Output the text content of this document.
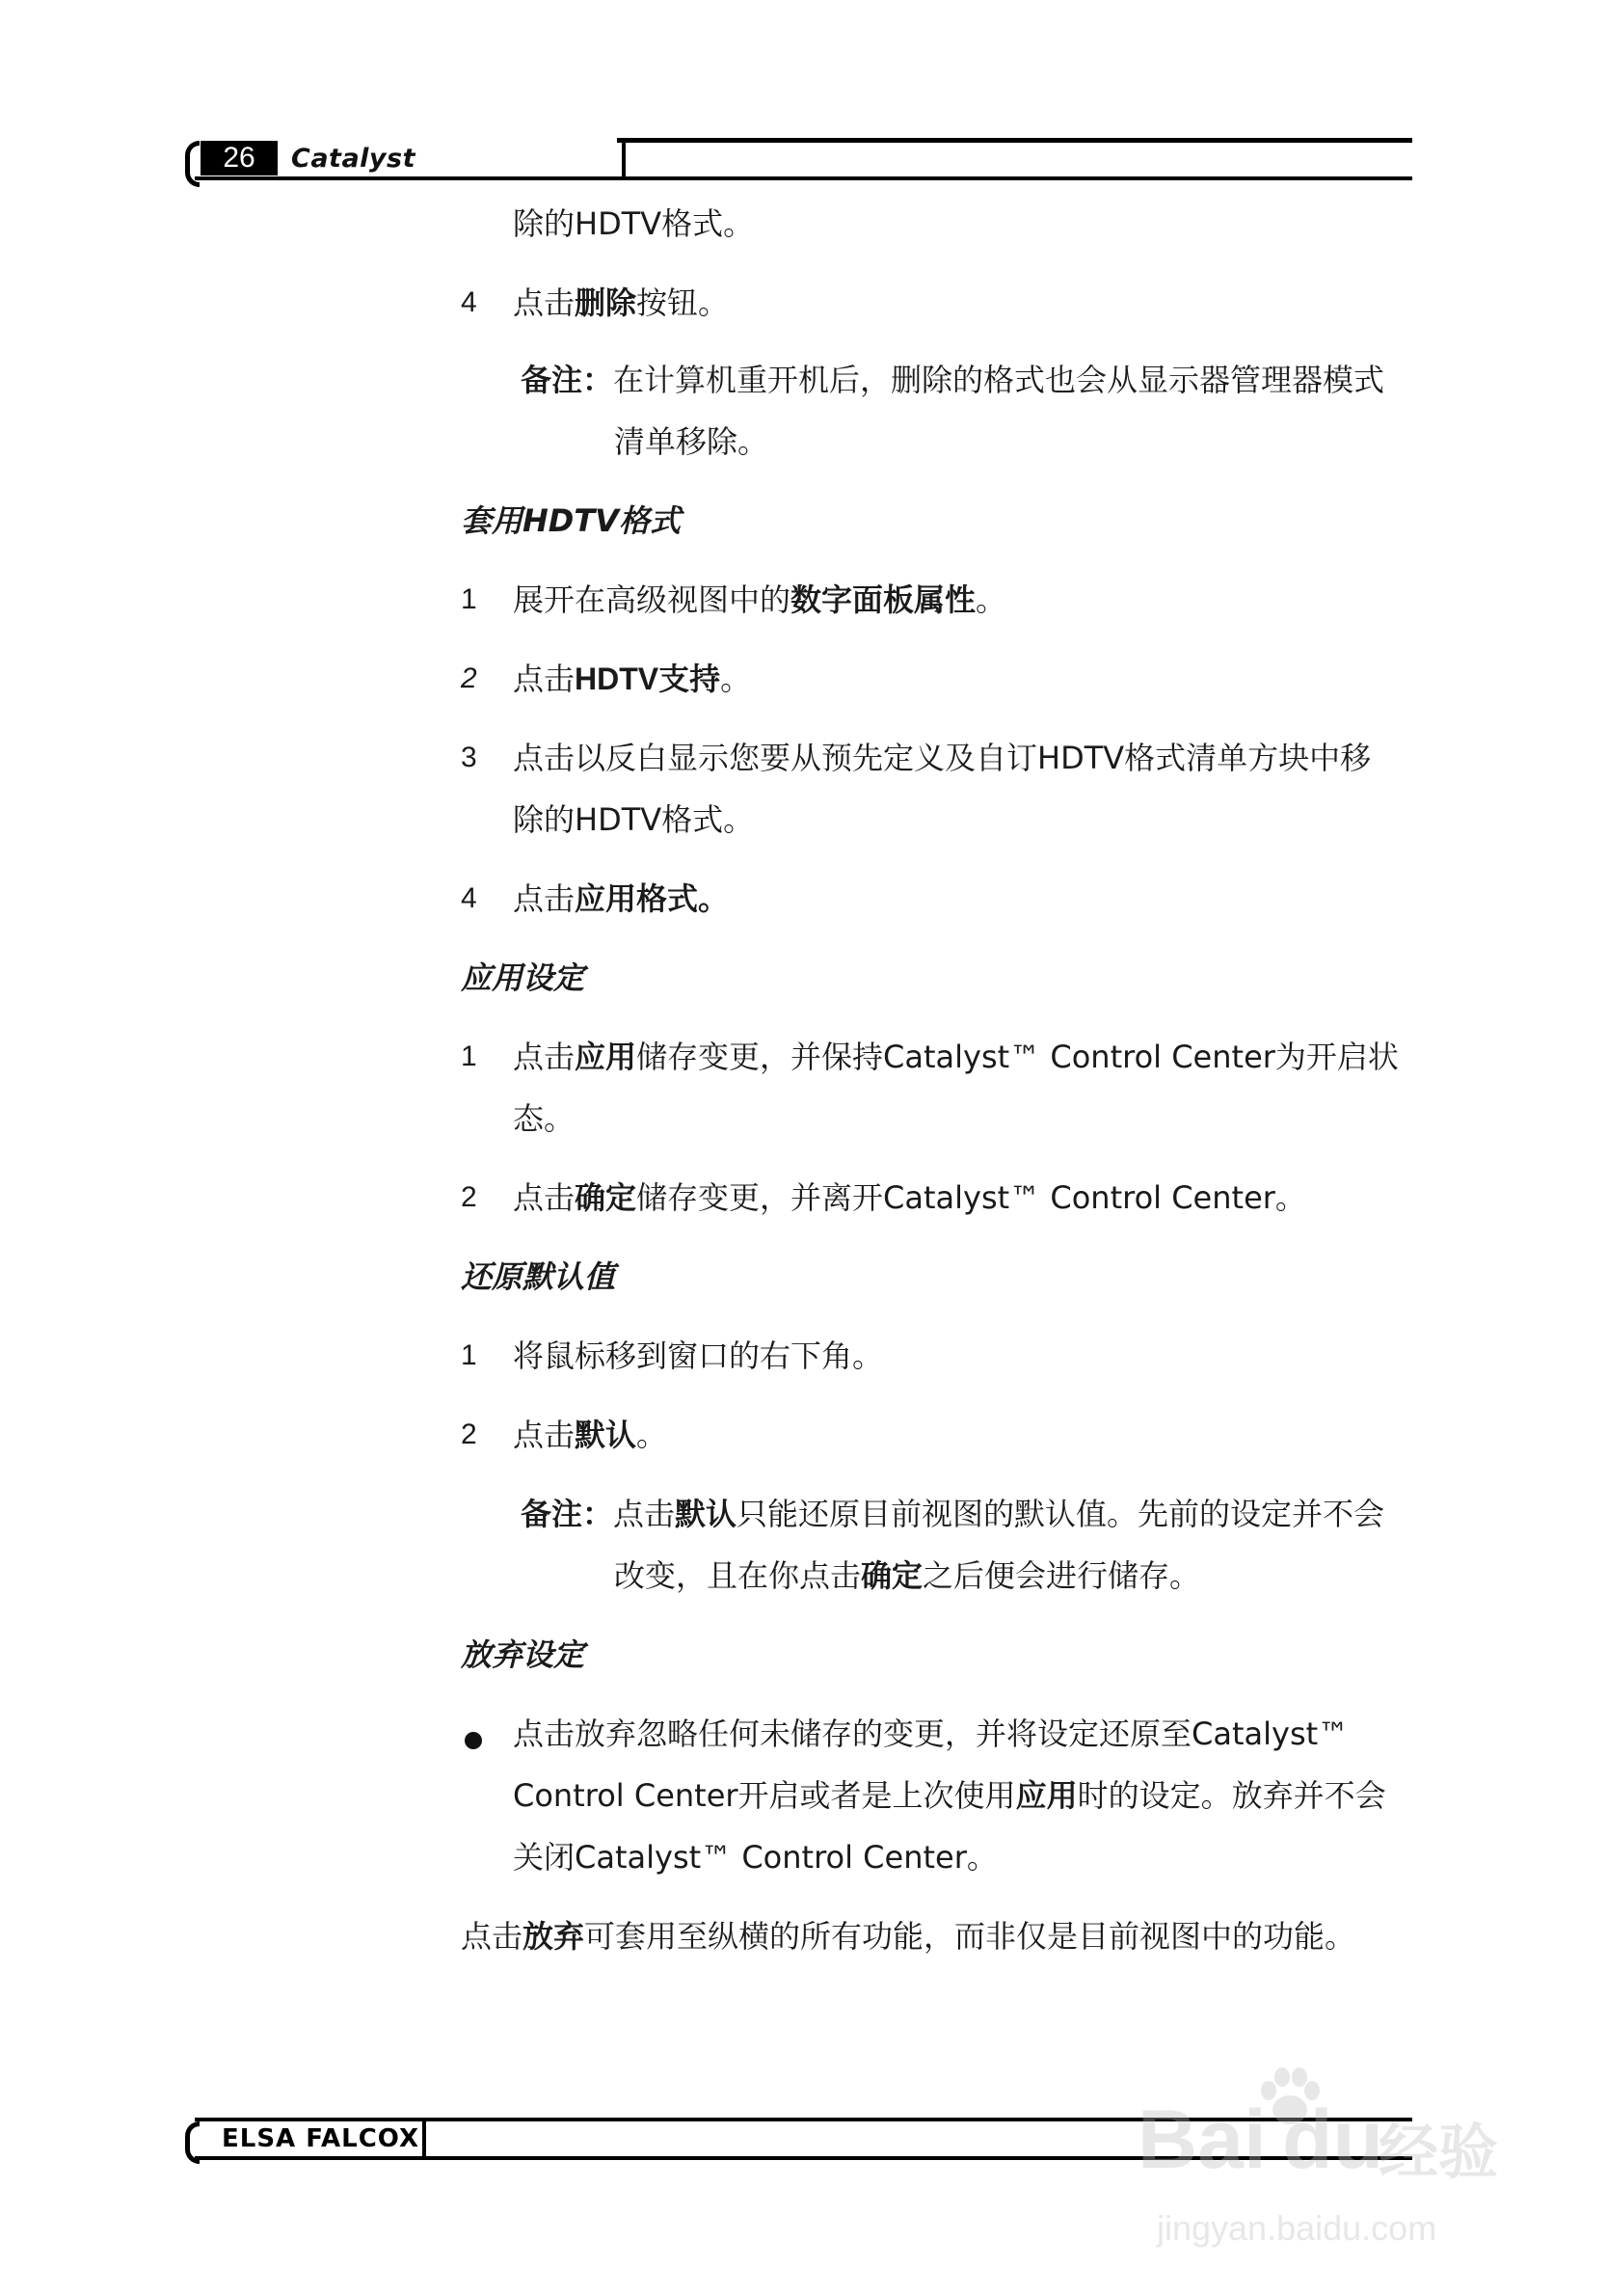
26	Catalyst
除的HDTV格式。
4 点击删除按钮。
备注：在计算机重开机后，删除的格式也会从显示器管理器模式
清单移除。
套用HDTV格式
1 展开在高级视图中的数字面板属性。
2 点击HDTV支持。
3 点击以反白显示您要从预先定义及自订HDTV格式清单方块中移
除的HDTV格式。
4 点击应用格式。
应用设定
1 点击应用储存变更，并保持Catalyst™ Control Center为开启状
态。
2 点击确定储存变更，并离开Catalyst™ Control Center。
还原默认值
1 将鼠标移到窗口的右下角。
2 点击默认。
备注：点击默认只能还原目前视图的默认值。先前的设定并不会
改变，且在你点击确定之后便会进行储存。
放弃设定
点击放弃忽略任何未储存的变更，并将设定还原至Catalyst™
Control Center开启或者是上次使用应用时的设定。放弃并不会
关闭Catalyst™ Control Center。
点击放弃可套用至纵横的所有功能，而非仅是目前视图中的功能。
ELSA FALCOX	Bai du
经验
jingyan.baidu.com
